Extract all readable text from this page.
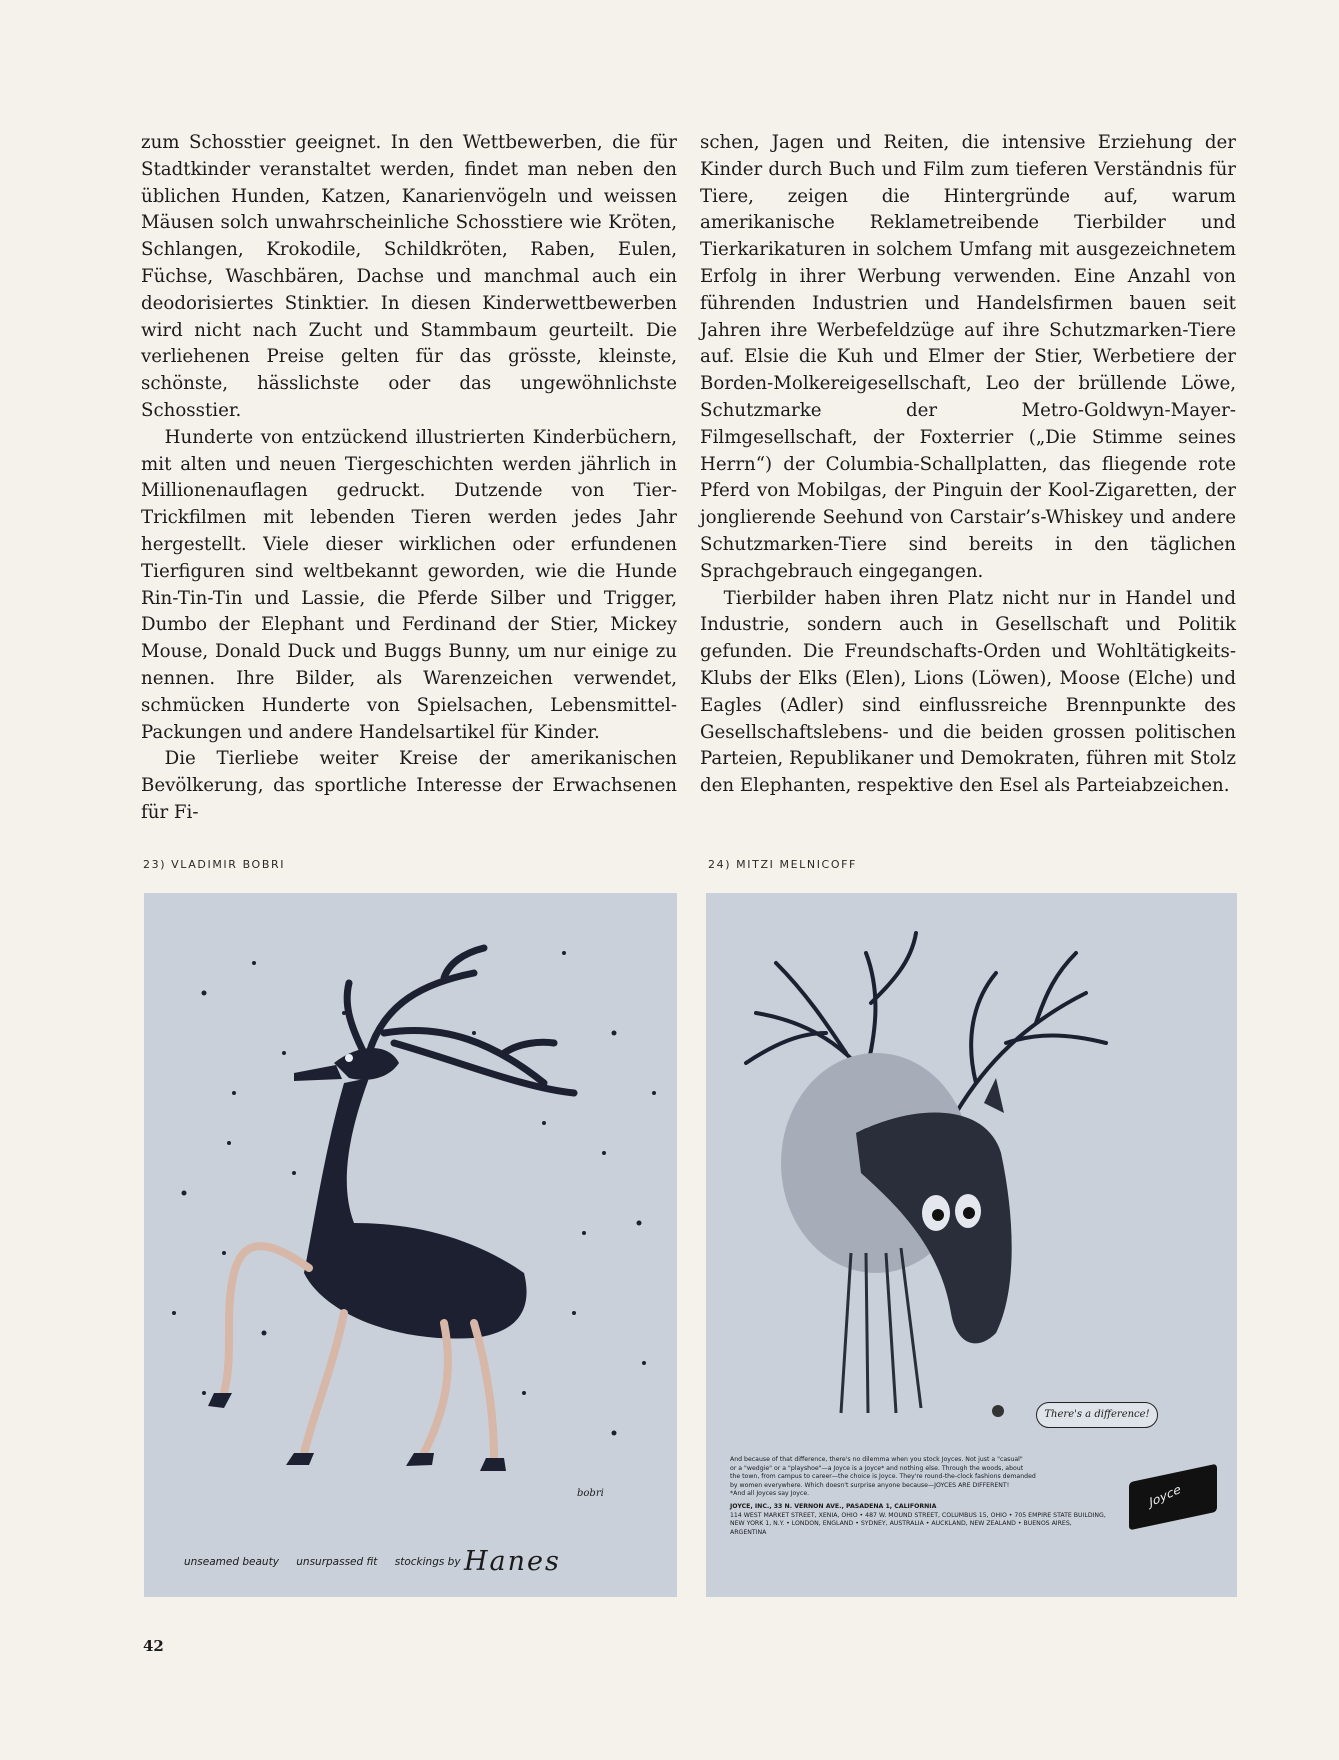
zum Schosstier geeignet. In den Wettbewerben, die für Stadtkinder veranstaltet werden, findet man neben den üblichen Hunden, Katzen, Kanarienvögeln und weissen Mäusen solch unwahrscheinliche Schosstiere wie Kröten, Schlangen, Krokodile, Schildkröten, Raben, Eulen, Füchse, Waschbären, Dachse und manchmal auch ein deodorisiertes Stinktier. In diesen Kinderwettbewerben wird nicht nach Zucht und Stammbaum geurteilt. Die verliehenen Preise gelten für das grösste, kleinste, schönste, hässlichste oder das ungewöhnlichste Schosstier.

Hunderte von entzückend illustrierten Kinderbüchern, mit alten und neuen Tiergeschichten werden jährlich in Millionenauflagen gedruckt. Dutzende von Tier-Trickfilmen mit lebenden Tieren werden jedes Jahr hergestellt. Viele dieser wirklichen oder erfundenen Tierfiguren sind weltbekannt geworden, wie die Hunde Rin-Tin-Tin und Lassie, die Pferde Silber und Trigger, Dumbo der Elephant und Ferdinand der Stier, Mickey Mouse, Donald Duck und Buggs Bunny, um nur einige zu nennen. Ihre Bilder, als Warenzeichen verwendet, schmücken Hunderte von Spielsachen, Lebensmittel-Packungen und andere Handelsartikel für Kinder.

Die Tierliebe weiter Kreise der amerikanischen Bevölkerung, das sportliche Interesse der Erwachsenen für Fi-

schen, Jagen und Reiten, die intensive Erziehung der Kinder durch Buch und Film zum tieferen Verständnis für Tiere, zeigen die Hintergründe auf, warum amerikanische Reklametreibende Tierbilder und Tierkarikaturen in solchem Umfang mit ausgezeichnetem Erfolg in ihrer Werbung verwenden. Eine Anzahl von führenden Industrien und Handelsfirmen bauen seit Jahren ihre Werbefeldzüge auf ihre Schutzmarken-Tiere auf. Elsie die Kuh und Elmer der Stier, Werbetiere der Borden-Molkereigesellschaft, Leo der brüllende Löwe, Schutzmarke der Metro-Goldwyn-Mayer-Filmgesellschaft, der Foxterrier („Die Stimme seines Herrn“) der Columbia-Schallplatten, das fliegende rote Pferd von Mobilgas, der Pinguin der Kool-Zigaretten, der jonglierende Seehund von Carstair’s-Whiskey und andere Schutzmarken-Tiere sind bereits in den täglichen Sprachgebrauch eingegangen.

Tierbilder haben ihren Platz nicht nur in Handel und Industrie, sondern auch in Gesellschaft und Politik gefunden. Die Freundschafts-Orden und Wohltätigkeits-Klubs der Elks (Elen), Lions (Löwen), Moose (Elche) und Eagles (Adler) sind einflussreiche Brennpunkte des Gesellschaftslebens- und die beiden grossen politischen Parteien, Republikaner und Demokraten, führen mit Stolz den Elephanten, respektive den Esel als Parteiabzeichen.

23) VLADIMIR BOBRI	24) MITZI MELNICOFF
bobri
unseamed beauty unsurpassed fit stockings by Hanes
There's a difference!
And because of that difference, there's no dilemma when you stock Joyces. Not just a "casual"
or a "wedgie" or a "playshoe"—a Joyce is a Joyce* and nothing else. Through the woods, about
the town, from campus to career—the choice is Joyce. They're round-the-clock fashions demanded
by women everywhere. Which doesn't surprise anyone because—JOYCES ARE DIFFERENT!
*And all Joyces say Joyce.
JOYCE, INC., 33 N. VERNON AVE., PASADENA 1, CALIFORNIA
114 WEST MARKET STREET, XENIA, OHIO • 487 W. MOUND STREET, COLUMBUS 15, OHIO • 705 EMPIRE STATE BUILDING,
NEW YORK 1, N.Y. • LONDON, ENGLAND • SYDNEY, AUSTRALIA • AUCKLAND, NEW ZEALAND • BUENOS AIRES, ARGENTINA
Joyce
42
